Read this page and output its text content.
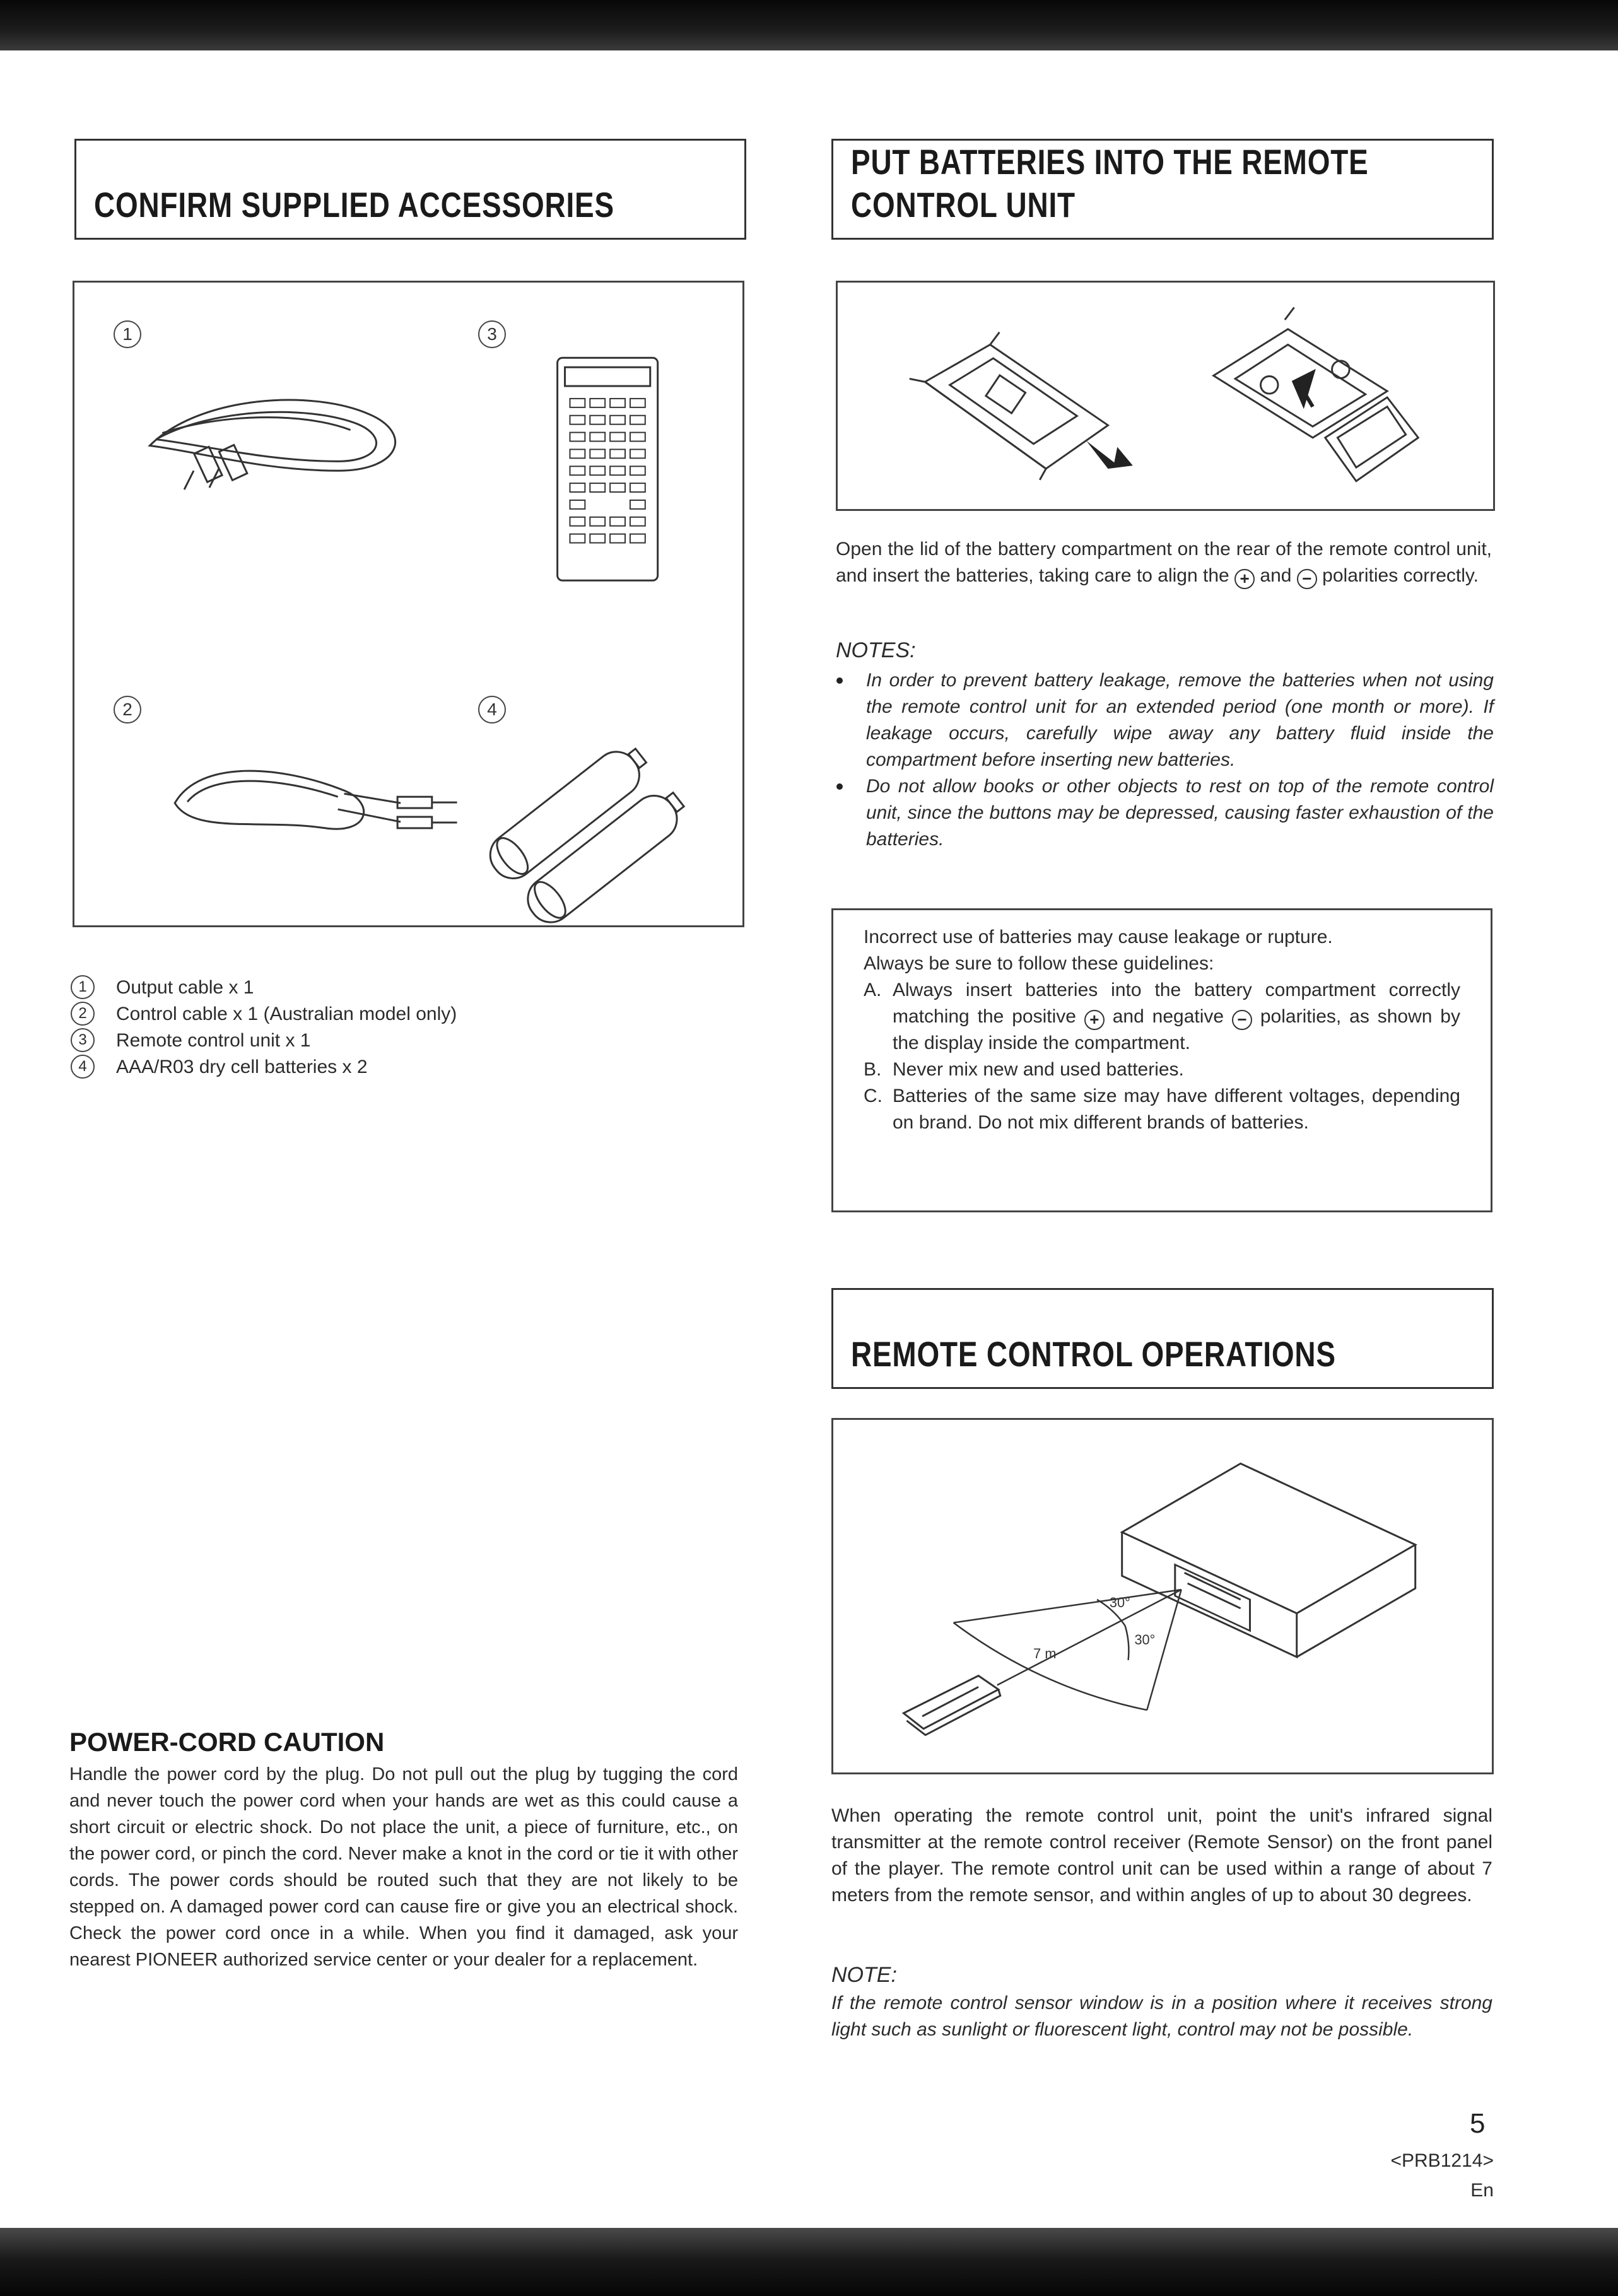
CONFIRM SUPPLIED ACCESSORIES
1	3
2	4
1	Output cable x 1
2	Control cable x 1 (Australian model only)
3	Remote control unit x 1
4	AAA/R03 dry cell batteries x 2
POWER-CORD CAUTION
Handle the power cord by the plug. Do not pull out the plug by tugging the cord and never touch the power cord when your hands are wet as this could cause a short circuit or electric shock. Do not place the unit, a piece of furniture, etc., on the power cord, or pinch the cord. Never make a knot in the cord or tie it with other cords. The power cords should be routed such that they are not likely to be stepped on. A damaged power cord can cause fire or give you an electrical shock. Check the power cord once in a while. When you find it damaged, ask your nearest PIONEER authorized service center or your dealer for a replacement.
PUT BATTERIES INTO THE REMOTE
CONTROL UNIT
Open the lid of the battery compartment on the rear of the remote control unit, and insert the batteries, taking care to align the + and − polarities correctly.
NOTES:
In order to prevent battery leakage, remove the batteries when not using the remote control unit for an extended period (one month or more). If leakage occurs, carefully wipe away any battery fluid inside the compartment before inserting new batteries.
Do not allow books or other objects to rest on top of the remote control unit, since the buttons may be depressed, causing faster exhaustion of the batteries.
Incorrect use of batteries may cause leakage or rupture.
Always be sure to follow these guidelines:
A. Always insert batteries into the battery compartment correctly matching the positive + and negative − polarities, as shown by the display inside the compartment.
B. Never mix new and used batteries.
C. Batteries of the same size may have different voltages, depending on brand. Do not mix different brands of batteries.
REMOTE CONTROL OPERATIONS
30°
30°
7 m
When operating the remote control unit, point the unit's infrared signal transmitter at the remote control receiver (Remote Sensor) on the front panel of the player. The remote control unit can be used within a range of about 7 meters from the remote sensor, and within angles of up to about 30 degrees.
NOTE:
If the remote control sensor window is in a position where it receives strong light such as sunlight or fluorescent light, control may not be possible.
5
<PRB1214>
En
